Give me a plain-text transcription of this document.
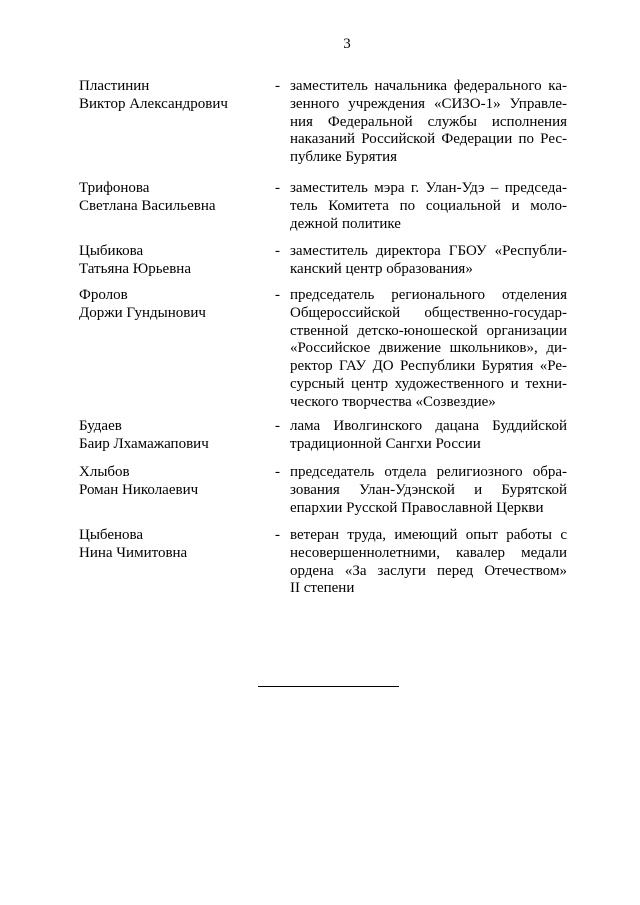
3
Пластинин
Виктор Александрович
- заместитель начальника федерального ка-
зенного учреждения «СИЗО-1» Управле-
ния Федеральной службы исполнения
наказаний Российской Федерации по Рес-
публике Бурятия
Трифонова
Светлана Васильевна
- заместитель мэра г. Улан-Удэ – председа-
тель Комитета по социальной и моло-
дежной политике
Цыбикова
Татьяна Юрьевна
- заместитель директора ГБОУ «Республи-
канский центр образования»
Фролов
Доржи Гундынович
- председатель регионального отделения
Общероссийской общественно-государ-
ственной детско-юношеской организации
«Российское движение школьников», ди-
ректор ГАУ ДО Республики Бурятия «Ре-
сурсный центр художественного и техни-
ческого творчества «Созвездие»
Будаев
Баир Лхамажапович
- лама Иволгинского дацана Буддийской
традиционной Сангхи России
Хлыбов
Роман Николаевич
- председатель отдела религиозного обра-
зования Улан-Удэнской и Бурятской
епархии Русской Православной Церкви
Цыбенова
Нина Чимитовна
- ветеран труда, имеющий опыт работы с
несовершеннолетними, кавалер медали
ордена «За заслуги перед Отечеством»
II степени
